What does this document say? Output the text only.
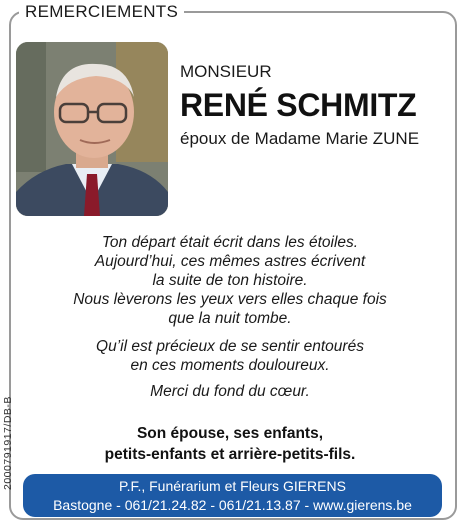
REMERCIEMENTS
MONSIEUR
RENÉ SCHMITZ
époux de Madame Marie ZUNE
Ton départ était écrit dans les étoiles.
Aujourd’hui, ces mêmes astres écrivent
la suite de ton histoire.
Nous lèverons les yeux vers elles chaque fois
que la nuit tombe.
Qu’il est précieux de se sentir entourés
en ces moments douloureux.
Merci du fond du cœur.
Son épouse, ses enfants,
petits-enfants et arrière-petits-fils.
P.F., Funérarium et Fleurs GIERENS
Bastogne - 061/21.24.82 - 061/21.13.87 - www.gierens.be
2000791917/DB-B
